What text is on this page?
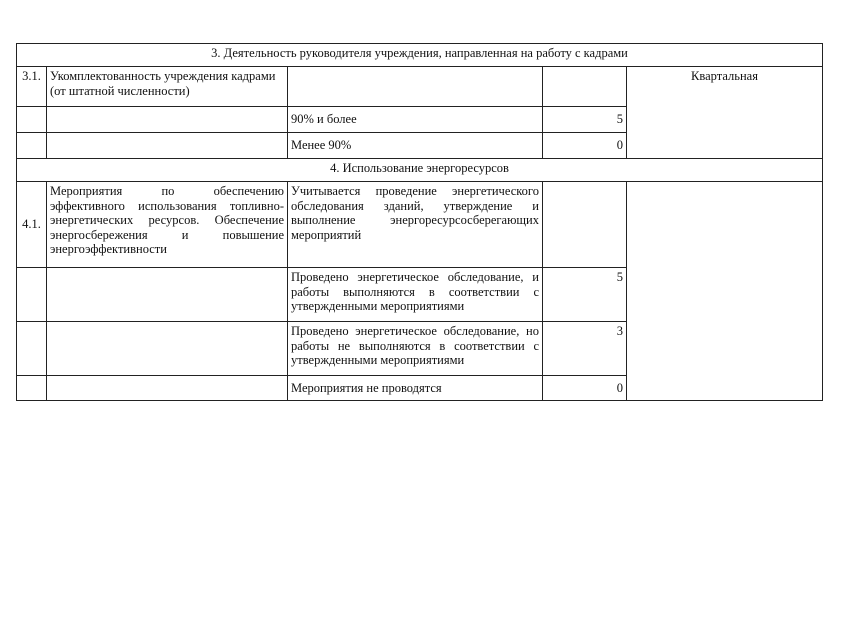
3. Деятельность руководителя учреждения, направленная на работу с кадрами				
3.1.	Укомплектованность учреждения кадрами (от штатной численности)			Квартальная
		90% и более	5	
		Менее 90%	0	
4. Использование энергоресурсов				
4.1.	Мероприятия по обеспечению эффективного использования топливно-энергетических ресурсов. Обеспечение энергосбережения и повышение энергоэффективности	Учитывается проведение энергетического обследования зданий, утверждение и выполнение энергоресурсосберегающих мероприятий		
		Проведено энергетическое обследование, и работы выполняются в соответствии с утвержденными мероприятиями	5	
		Проведено энергетическое обследование, но работы не выполняются в соответствии с утвержденными мероприятиями	3	
		Мероприятия не проводятся	0	
